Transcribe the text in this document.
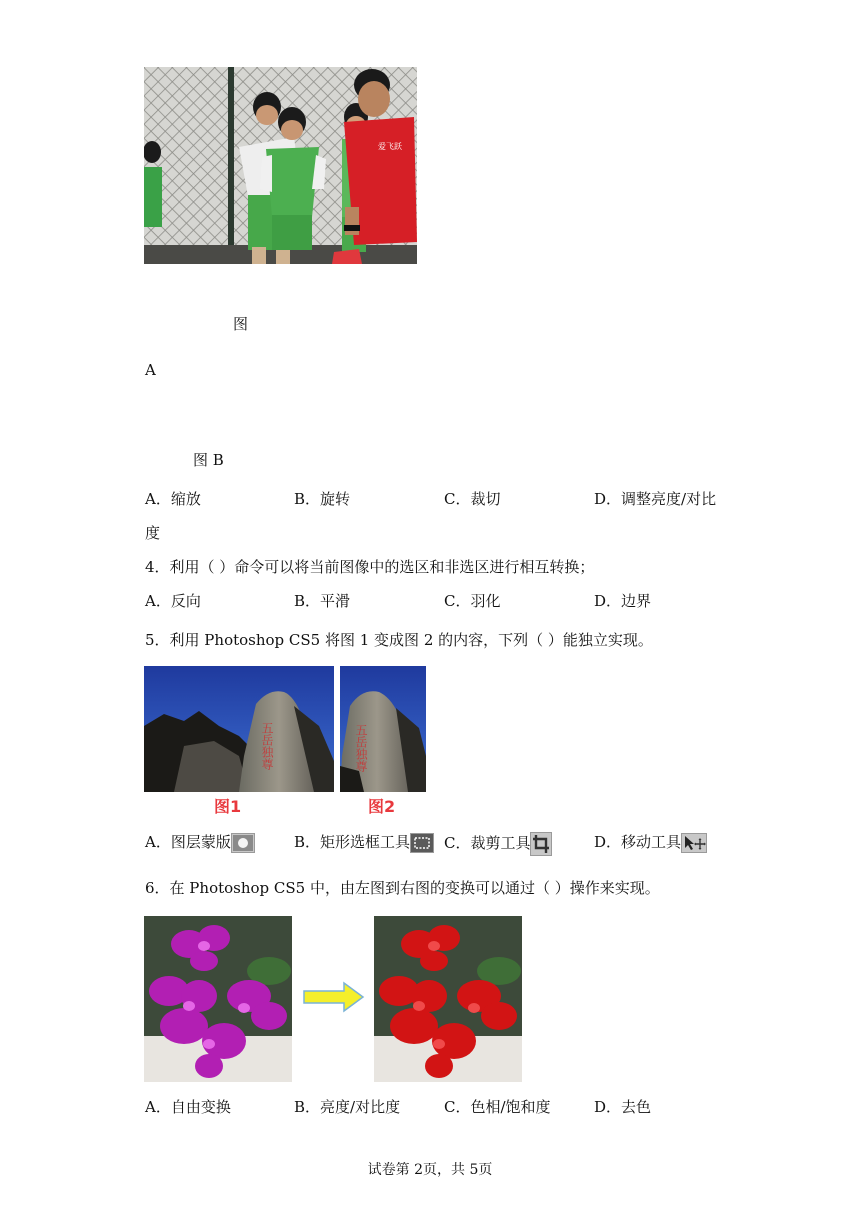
爱飞跃
图
A
图 B
A．缩放	B．旋转	C．裁切	D．调整亮度/对比
度
4．利用（ ）命令可以将当前图像中的选区和非选区进行相互转换；
A．反向	B．平滑	C．羽化	D．边界
5．利用 Photoshop CS5 将图 1 变成图 2 的内容，下列（ ）能独立实现。
五岳独尊	五岳独尊
图1	图2
A．图层蒙版	B．矩形选框工具	C．裁剪工具	D．移动工具
6．在 Photoshop CS5 中，由左图到右图的变换可以通过（ ）操作来实现。
A．自由变换	B．亮度/对比度	C．色相/饱和度	D．去色
试卷第 2页，共 5页
